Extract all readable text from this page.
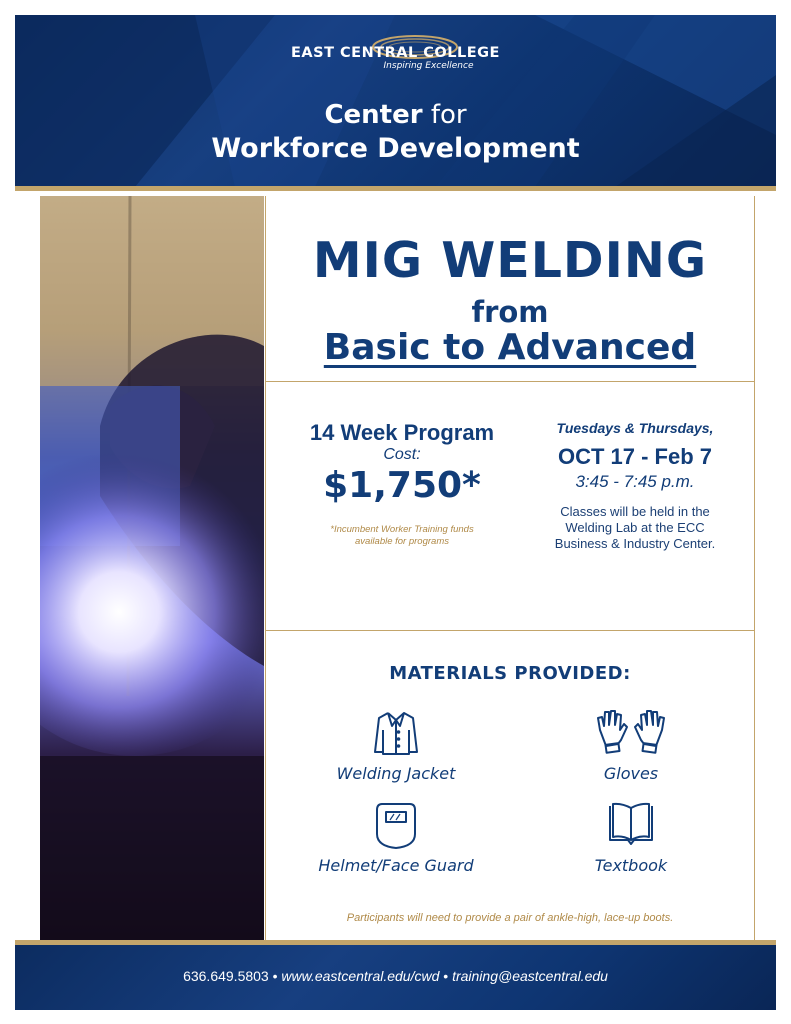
EAST CENTRAL COLLEGE
Inspiring Excellence
Center for
Workforce Development
MIG WELDING
from
Basic to Advanced
14 Week Program
Cost:
$1,750*
*Incumbent Worker Training funds
available for programs
Tuesdays & Thursdays,
OCT 17 - Feb 7
3:45 - 7:45 p.m.
Classes will be held in the
Welding Lab at the ECC
Business & Industry Center.
MATERIALS PROVIDED:
Welding Jacket	Gloves
Helmet/Face Guard	Textbook
Participants will need to provide a pair of ankle-high, lace-up boots.
636.649.5803 • www.eastcentral.edu/cwd • training@eastcentral.edu
